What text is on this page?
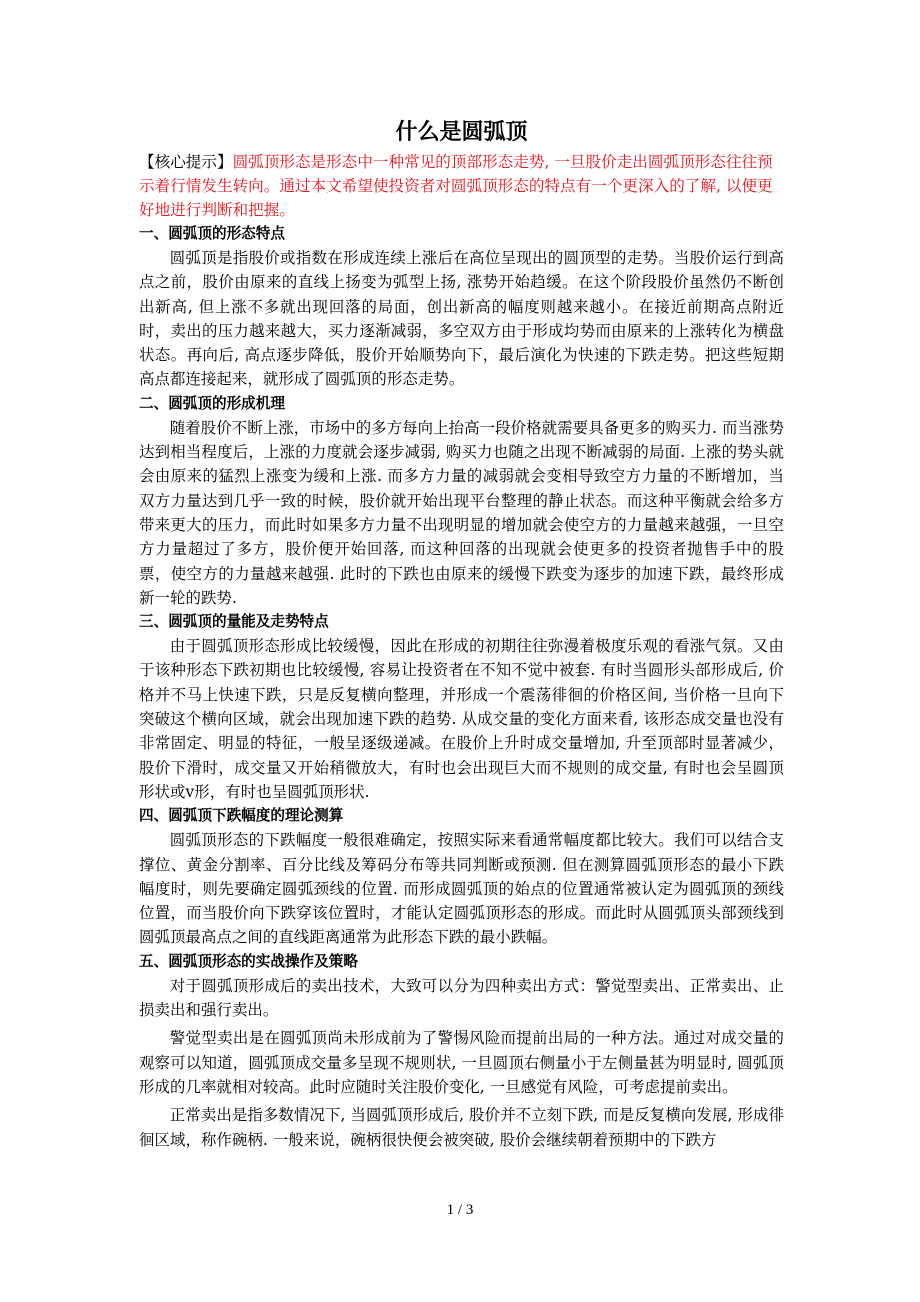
什么是圆弧顶

【核心提示】圆弧顶形态是形态中一种常见的顶部形态走势, 一旦股价走出圆弧顶形态往往预示着行情发生转向。通过本文希望使投资者对圆弧顶形态的特点有一个更深入的了解, 以便更好地进行判断和把握。

一、圆弧顶的形态特点

圆弧顶是指股价或指数在形成连续上涨后在高位呈现出的圆顶型的走势。当股价运行到高点之前，股价由原来的直线上扬变为弧型上扬, 涨势开始趋缓。在这个阶段股价虽然仍不断创出新高, 但上涨不多就出现回落的局面，创出新高的幅度则越来越小。在接近前期高点附近时，卖出的压力越来越大，买力逐渐减弱，多空双方由于形成均势而由原来的上涨转化为横盘状态。再向后, 高点逐步降低，股价开始顺势向下，最后演化为快速的下跌走势。把这些短期高点都连接起来，就形成了圆弧顶的形态走势。

二、圆弧顶的形成机理

随着股价不断上涨，市场中的多方每向上抬高一段价格就需要具备更多的购买力. 而当涨势达到相当程度后，上涨的力度就会逐步减弱, 购买力也随之出现不断减弱的局面. 上涨的势头就会由原来的猛烈上涨变为缓和上涨. 而多方力量的减弱就会变相导致空方力量的不断增加，当双方力量达到几乎一致的时候，股价就开始出现平台整理的静止状态。而这种平衡就会给多方带来更大的压力，而此时如果多方力量不出现明显的增加就会使空方的力量越来越强，一旦空方力量超过了多方，股价便开始回落, 而这种回落的出现就会使更多的投资者抛售手中的股票，使空方的力量越来越强. 此时的下跌也由原来的缓慢下跌变为逐步的加速下跌，最终形成新一轮的跌势.

三、圆弧顶的量能及走势特点

由于圆弧顶形态形成比较缓慢，因此在形成的初期往往弥漫着极度乐观的看涨气氛。又由于该种形态下跌初期也比较缓慢, 容易让投资者在不知不觉中被套. 有时当圆形头部形成后, 价格并不马上快速下跌，只是反复横向整理，并形成一个震荡徘徊的价格区间, 当价格一旦向下突破这个横向区域，就会出现加速下跌的趋势. 从成交量的变化方面来看, 该形态成交量也没有非常固定、明显的特征，一般呈逐级递减。在股价上升时成交量增加, 升至顶部时显著减少，股价下滑时，成交量又开始稍微放大，有时也会出现巨大而不规则的成交量, 有时也会呈圆顶形状或v形，有时也呈圆弧顶形状.

四、圆弧顶下跌幅度的理论测算

圆弧顶形态的下跌幅度一般很难确定，按照实际来看通常幅度都比较大。我们可以结合支撑位、黄金分割率、百分比线及筹码分布等共同判断或预测. 但在测算圆弧顶形态的最小下跌幅度时，则先要确定圆弧颈线的位置. 而形成圆弧顶的始点的位置通常被认定为圆弧顶的颈线位置，而当股价向下跌穿该位置时，才能认定圆弧顶形态的形成。而此时从圆弧顶头部颈线到圆弧顶最高点之间的直线距离通常为此形态下跌的最小跌幅。

五、圆弧顶形态的实战操作及策略

对于圆弧顶形成后的卖出技术，大致可以分为四种卖出方式：警觉型卖出、正常卖出、止损卖出和强行卖出。

警觉型卖出是在圆弧顶尚未形成前为了警惕风险而提前出局的一种方法。通过对成交量的观察可以知道，圆弧顶成交量多呈现不规则状, 一旦圆顶右侧量小于左侧量甚为明显时, 圆弧顶形成的几率就相对较高。此时应随时关注股价变化, 一旦感觉有风险，可考虑提前卖出。

正常卖出是指多数情况下, 当圆弧顶形成后, 股价并不立刻下跌, 而是反复横向发展, 形成徘徊区域，称作碗柄. 一般来说，碗柄很快便会被突破, 股价会继续朝着预期中的下跌方

1 / 3
